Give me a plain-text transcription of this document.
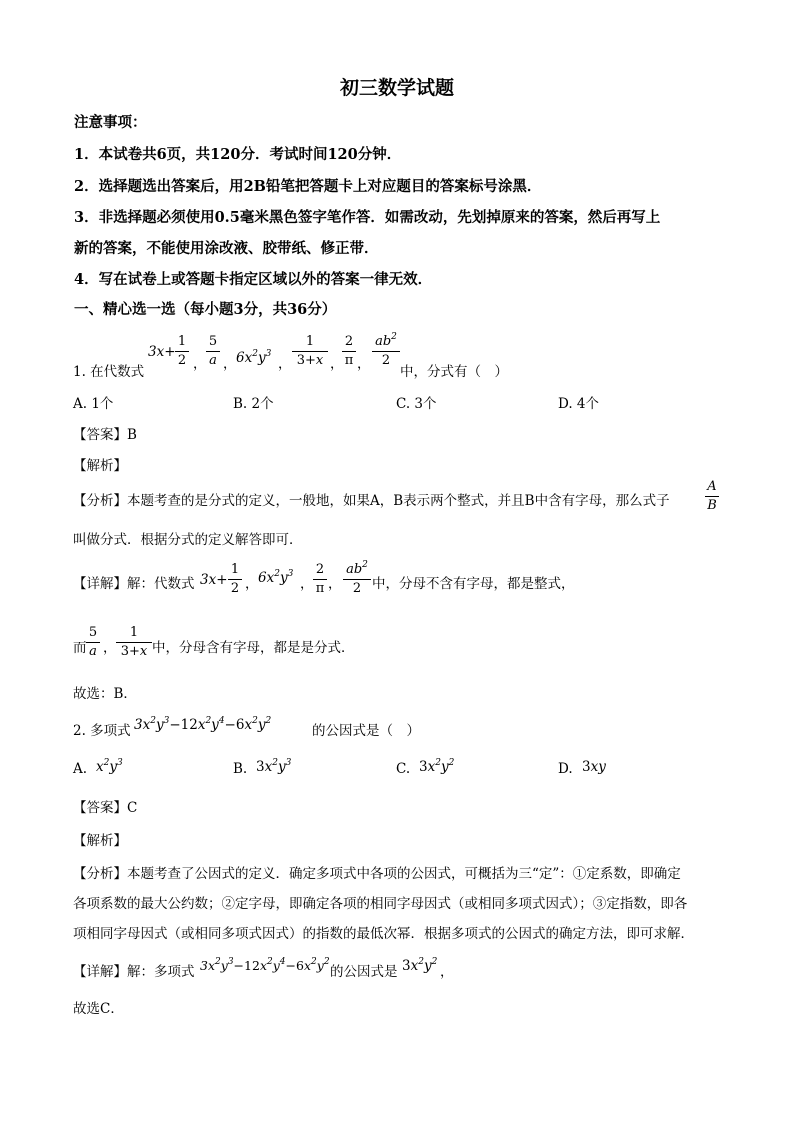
初三数学试题
注意事项：
1．本试卷共6页，共120分．考试时间120分钟．
2．选择题选出答案后，用2B铅笔把答题卡上对应题目的答案标号涂黑．
3．非选择题必须使用0.5毫米黑色签字笔作答．如需改动，先划掉原来的答案，然后再写上
新的答案，不能使用涂改液、胶带纸、修正带．
4．写在试卷上或答题卡指定区域以外的答案一律无效．
一、精心选一选（每小题3分，共36分）
1. 在代数式
3x+
1
2 ，
5
a ， $6x^2y^3$
，
1
3+x ，
2
π ，
$ab^2$
2
中，分式有（　）
A. 1个	B. 2个	C. 3个	D. 4个
【答案】B
【解析】
【分析】本题考查的是分式的定义，一般地，如果A，B表示两个整式，并且B中含有字母，那么式子
A
B
叫做分式．根据分式的定义解答即可．
【详解】解：代数式 3x+
1
2 ， $6x^2y^3$
，
2
π ，
$ab^2$
2 中，分母不含有字母，都是整式，
而
5
a ，
1
3+x 中，分母含有字母，都是是分式．
故选：B．
2. 多项式 $3x^2y^3-12x^2y^4-6x^2y^2$
的公因式是（　）
A. $x^2y^3$	B. $3x^2y^3$	C. $3x^2y^2$	D. 3xy
【答案】C
【解析】
【分析】本题考查了公因式的定义．确定多项式中各项的公因式，可概括为三“定”：①定系数，即确定
各项系数的最大公约数；②定字母，即确定各项的相同字母因式（或相同多项式因式）；③定指数，即各
项相同字母因式（或相同多项式因式）的指数的最低次幂．根据多项式的公因式的确定方法，即可求解．
【详解】解：多项式 $3x^2y^3-12x^2y^4-6x^2y^2$
的公因式是 $3x^2y^2$
，
故选C．
